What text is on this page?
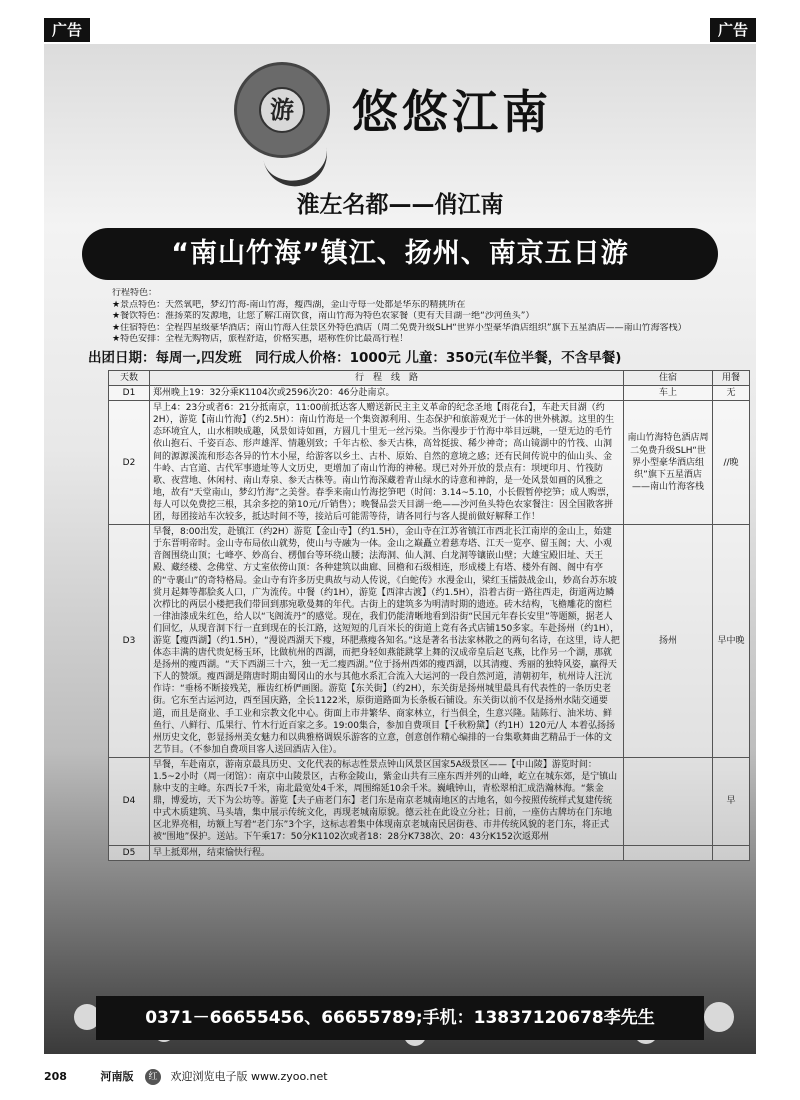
广告	广告
游 悠悠江南
淮左名都——俏江南
“南山竹海”镇江、扬州、南京五日游
行程特色：
★景点特色：天然氧吧，梦幻竹海-南山竹海，瘦西湖，金山寺每一处都是华东的精挑所在
★餐饮特色：淮扬菜的发源地，让您了解江南饮食，南山竹海为特色农家餐（更有天目湖一绝“沙河鱼头”）
★住宿特色：全程四星级豪华酒店；南山竹海入住景区外特色酒店（周二免费升级SLH“世界小型豪华酒店组织”旗下五星酒店——南山竹海客栈）
★特色安排：全程无购物店，旅程舒适，价格实惠，堪称性价比最高行程！
出团日期：每周一,四发班　同行成人价格：1000元 儿童：350元(车位半餐，不含早餐)
天数	行　程　线　路	住宿	用餐
D1	郑州晚上19：32分乘K1104次或2596次20：46分赴南京。	车上	无
D2	早上4：23分或者6：21分抵南京，11:00前抵达客人赠送新民主主义革命的纪念圣地【雨花台】，车赴天目湖（约2H），游览【南山竹海】（约2.5H）：南山竹海是一个集资源利用、生态保护和旅游观光于一体的世外桃源。这里的生态环境宜人，山水相映成趣，风景如诗如画，方圆几十里无一丝污染。当你漫步于竹海中举目远眺，一望无边的毛竹依山抱石、千姿百态、形声雄浑、情趣别致；千年古松、参天古株，高耸挺拔、稀少神奇；高山镜湖中的竹筏、山洞间的源源溪流和形态各异的竹木小屋，给游客以乡土、古朴、原始、自然的意境之感；还有民间传说中的仙山头、金牛岭、古官道、古代军事遗址等人文历史，更增加了南山竹海的神秘。现已对外开放的景点有：坝埂印月、竹筏防歌、夜营地、休闲村、南山寿泉、参天古株等。南山竹海深藏着青山绿水的诗意和神韵，是一处风景如画的风雅之地，故有“天堂南山，梦幻竹海”之美誉。春季来南山竹海挖笋吧（时间：3.14~5.10，小长假暂停挖笋；成人购票，每人可以免费挖三根，其余多挖的第10元/斤销售）；晚餐品尝天目湖一绝——沙河鱼头特色农家餐注：因全国散客拼团，每团接站车次较多，抵达时间不等，接站后可能需等待，请各同行与客人提前做好解释工作！	南山竹海特色酒店周二免费升级SLH“世界小型豪华酒店组织”旗下五星酒店——南山竹海客栈	//晚
D3	早餐，8:00出发，赴镇江（约2H）游览【金山寺】（约1.5H），金山寺在江苏省镇江市西北长江南岸的金山上，始建于东晋明帝时。金山寺布局依山就势，使山与寺融为一体。金山之巅矗立着慈寿塔、江天一览亭、留玉阁；大、小观音阁围绕山顶；七峰亭、妙高台、楞伽台等环绕山腰；法海洞、仙人洞、白龙洞等镶嵌山壁；大雄宝殿旧址、天王殿、藏经楼、念佛堂、方丈室依傍山顶：各种建筑以曲廊、回檐和石级相连，形成楼上有塔、楼外有阁、阁中有亭的“寺裹山”的奇特格局。金山寺有许多历史典故与动人传说，《白蛇传》水漫金山，梁红玉擂鼓战金山，妙高台苏东坡赏月起舞等都脍炙人口，广为流传。中餐（约1H），游览【西津古渡】（约1.5H），沿着古街一路往西走，街道两边鳞次栉比的两层小楼把我们带回到那宛歌曼舞的年代。古街上的建筑多为明清时期的遗迹。砖木结构，飞檐雕花的窗栏一律油漆成朱红色，给人以“飞阁流丹”的感觉。现在，我们仍能清晰地看到沿街“民国元年春长安里”等题额，据老人们回忆，从现音洞下行一直到现在的长江路，这短短的几百米长的街道上竟有各式店铺150多家。车赴扬州（约1H），游览【瘦西湖】（约1.5H），“漫说西湖天下瘦，环肥燕瘦各知名。”这是著名书法家林散之的两句名诗，在这里，诗人把体态丰满的唐代贵妃杨玉环，比做杭州的西湖，而把身轻如燕能跳掌上舞的汉成帝皇后赵飞燕，比作另一个湖，那就是扬州的瘦西湖。“天下西湖三十六，独一无二瘦西湖。”位于扬州西郊的瘦西湖，以其清瘦、秀丽的独特风姿，赢得天下人的赞颂。瘦西湖是隋唐时期由蜀冈山的水与其他水系汇合流入大运河的一段自然河道，清朝初年，杭州诗人汪沆作诗：“垂杨不断接残芜，雁齿红桥俨画图。游览【东关街】（约2H），东关街是扬州城里最具有代表性的一条历史老街。它东至古运河边，西至国庆路，全长1122米，原街道路面为长条板石铺设。东关街以前不仅是扬州水陆交通要道，而且是商业、手工业和宗教文化中心。街面上市井繁华、商家林立，行当俱全，生意兴隆。陆陈行、油米坊、鲜鱼行、八鲜行、瓜果行、竹木行近百家之多。19:00集合，参加自费项目【千秋粉黛】（约1H）120元/人 本着弘扬扬州历史文化，彰显扬州美女魅力和以典雅格调娱乐游客的立意，创意创作精心编排的一台集歌舞曲艺精品于一体的文艺节目。（不参加自费项目客人送回酒店入住）。	扬州	早中晚
D4	早餐，车赴南京，游南京最具历史、文化代表的标志性景点钟山风景区国家5A级景区——【中山陵】游览时间：1.5~2小时（周一闭馆）：南京中山陵景区，古称金陵山，紫金山共有三座东西并列的山峰，屹立在城东郊，是宁镇山脉中支的主峰。东西长7千米，南北最宽处4千米，周围绵延10余千米。巍峨钟山，青松翠柏汇成浩瀚林海。“紫金鼎，博爱坊，天下为公坊等。游览【夫子庙老门东】老门东是南京老城南地区的古地名，如今按照传统样式复建传统中式木质建筑、马头墙，集中展示传统文化，再现老城南原貌。德云社在此设立分社；日前，一座仿古牌坊在门东地区北界亮相，坊额上写着“老门东”3个字，这标志着集中体现南京老城南民居街巷、市井传统风貌的老门东，将正式被“围地”保护。送站。下午乘17：50分K1102次或者18：28分K738次、20：43分K152次返郑州		早
D5	早上抵郑州，结束愉快行程。		
0371－66655456、66655789;手机：13837120678李先生
208	河南版 红 欢迎浏览电子版 www.zyoo.net
